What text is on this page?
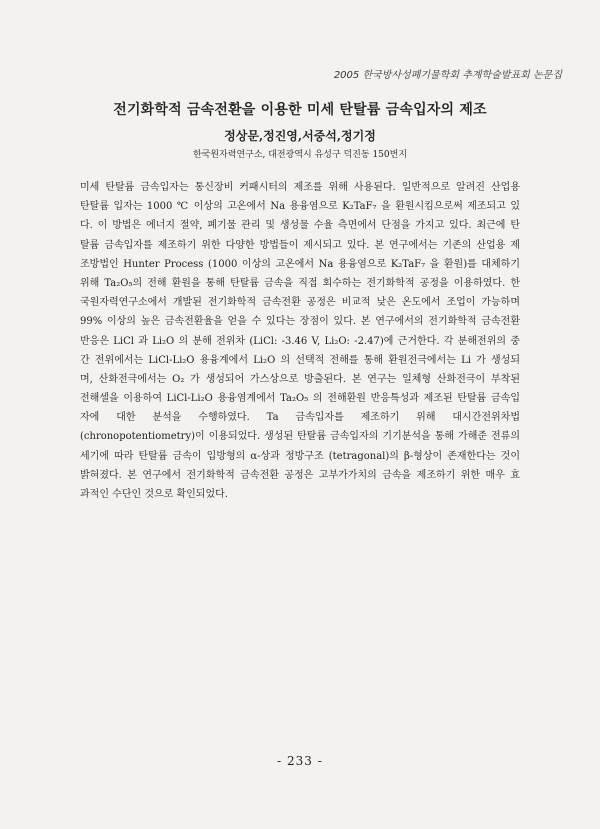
2005 한국방사성폐기물학회 추계학술발표회 논문집
전기화학적 금속전환을 이용한 미세 탄탈륨 금속입자의 제조
정상문,정진영,서중석,정기정
한국원자력연구소, 대전광역시 유성구 덕진동 150번지
미세 탄탈륨 금속입자는 통신장비 커패시터의 제조를 위해 사용된다. 일반적으로 알려진 산업용
탄탈륨 입자는 1000 ℃ 이상의 고온에서 Na 용융염으로 K₂TaF₇ 을 환원시킴으로써 제조되고 있
다. 이 방법은 에너지 절약, 폐기물 관리 및 생성물 수율 측면에서 단점을 가지고 있다. 최근에 탄
탈륨 금속입자를 제조하기 위한 다양한 방법들이 제시되고 있다. 본 연구에서는 기존의 산업용 제
조방법인 Hunter Process (1000 이상의 고온에서 Na 용융염으로 K₂TaF₇ 을 환원)를 대체하기
위해 Ta₂O₅의 전해 환원을 통해 탄탈륨 금속을 직접 회수하는 전기화학적 공정을 이용하였다. 한
국원자력연구소에서 개발된 전기화학적 금속전환 공정은 비교적 낮은 온도에서 조업이 가능하며
99% 이상의 높은 금속전환율을 얻을 수 있다는 장점이 있다. 본 연구에서의 전기화학적 금속전환
반응은 LiCl 과 Li₂O 의 분해 전위차 (LiCl: -3.46 V, Li₂O: -2.47)에 근거한다. 각 분해전위의 중
간 전위에서는 LiCl-Li₂O 용융계에서 Li₂O 의 선택적 전해를 통해 환원전극에서는 Li 가 생성되
며, 산화전극에서는 O₂ 가 생성되어 가스상으로 방출된다. 본 연구는 일체형 산화전극이 부착된
전해셀을 이용하여 LiCl-Li₂O 용융염계에서 Ta₂O₅ 의 전해환원 반응특성과 제조된 탄탈륨 금속입
자에 대한 분석을 수행하였다. Ta 금속입자를 제조하기 위해 대시간전위차법
(chronopotentiometry)이 이용되었다. 생성된 탄탈륨 금속입자의 기기분석을 통해 가해준 전류의
세기에 따라 탄탈륨 금속이 입방형의 α-상과 정방구조 (tetragonal)의 β-형상이 존재한다는 것이
밝혀졌다. 본 연구에서 전기화학적 금속전환 공정은 고부가가치의 금속을 제조하기 위한 매우 효
과적인 수단인 것으로 확인되었다.
- 233 -
